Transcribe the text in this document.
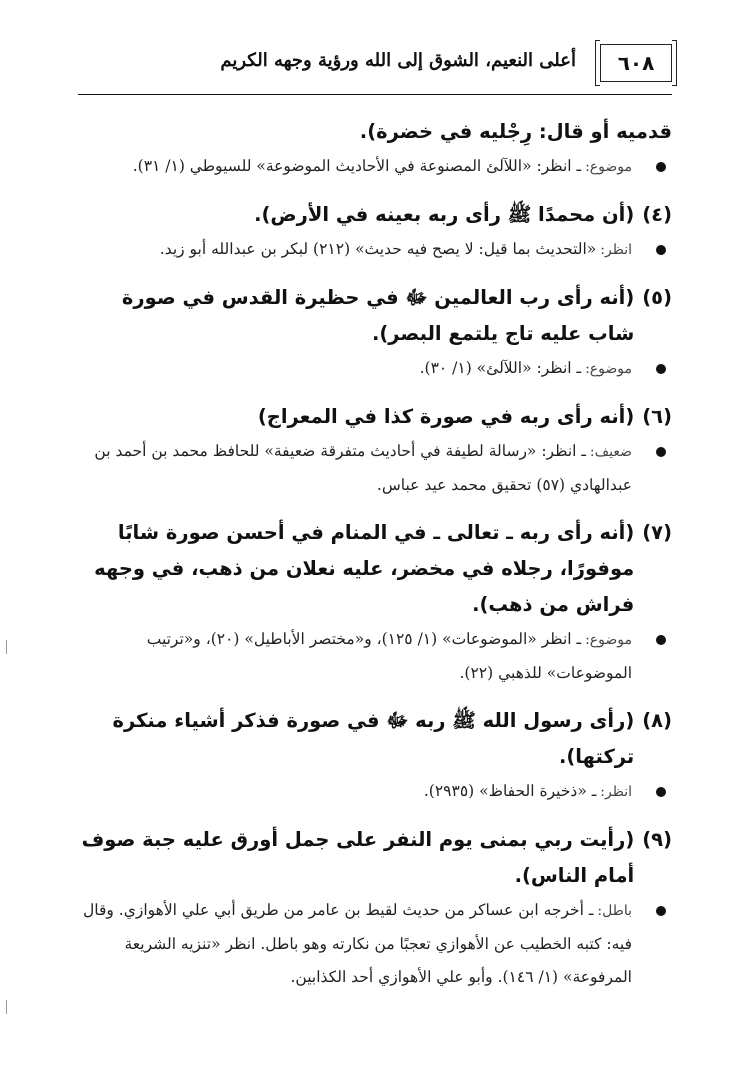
٦٠٨
أعلى النعيم، الشوق إلى الله ورؤية وجهه الكريم
قدميه أو قال: رِجْليه في خضرة).
موضوع:ـ انظر: «اللآلئ المصنوعة في الأحاديث الموضوعة» للسيوطي (١/ ٣١).
(٤)
(أن محمدًا ﷺ رأى ربه بعينه في الأرض).
انظر:«التحديث بما قيل: لا يصح فيه حديث» (٢١٢) لبكر بن عبدالله أبو زيد.
(٥)
(أنه رأى رب العالمين ﷻ في حظيرة القدس في صورة شاب عليه تاج يلتمع البصر).
موضوع:ـ انظر: «اللآلئ» (١/ ٣٠).
(٦)
(أنه رأى ربه في صورة كذا في المعراج)
ضعيف:ـ انظر: «رسالة لطيفة في أحاديث متفرقة ضعيفة» للحافظ محمد بن أحمد بن عبدالهادي (٥٧) تحقيق محمد عيد عباس.
(٧)
(أنه رأى ربه ـ تعالى ـ في المنام في أحسن صورة شابًا موفورًا، رجلاه في مخضر، عليه نعلان من ذهب، في وجهه فراش من ذهب).
موضوع:ـ انظر «الموضوعات» (١/ ١٢٥)، و«مختصر الأباطيل» (٢٠)، و«ترتيب الموضوعات» للذهبي (٢٢).
(٨)
(رأى رسول الله ﷺ ربه ﷻ في صورة فذكر أشياء منكرة تركتها).
انظر:ـ «ذخيرة الحفاظ» (٢٩٣٥).
(٩)
(رأيت ربي بمنى يوم النفر على جمل أورق عليه جبة صوف أمام الناس).
باطل:ـ أخرجه ابن عساكر من حديث لقيط بن عامر من طريق أبي علي الأهوازي. وقال فيه: كتبه الخطيب عن الأهوازي تعجبًا من نكارته وهو باطل. انظر «تنزيه الشريعة المرفوعة» (١/ ١٤٦). وأبو علي الأهوازي أحد الكذابين.
